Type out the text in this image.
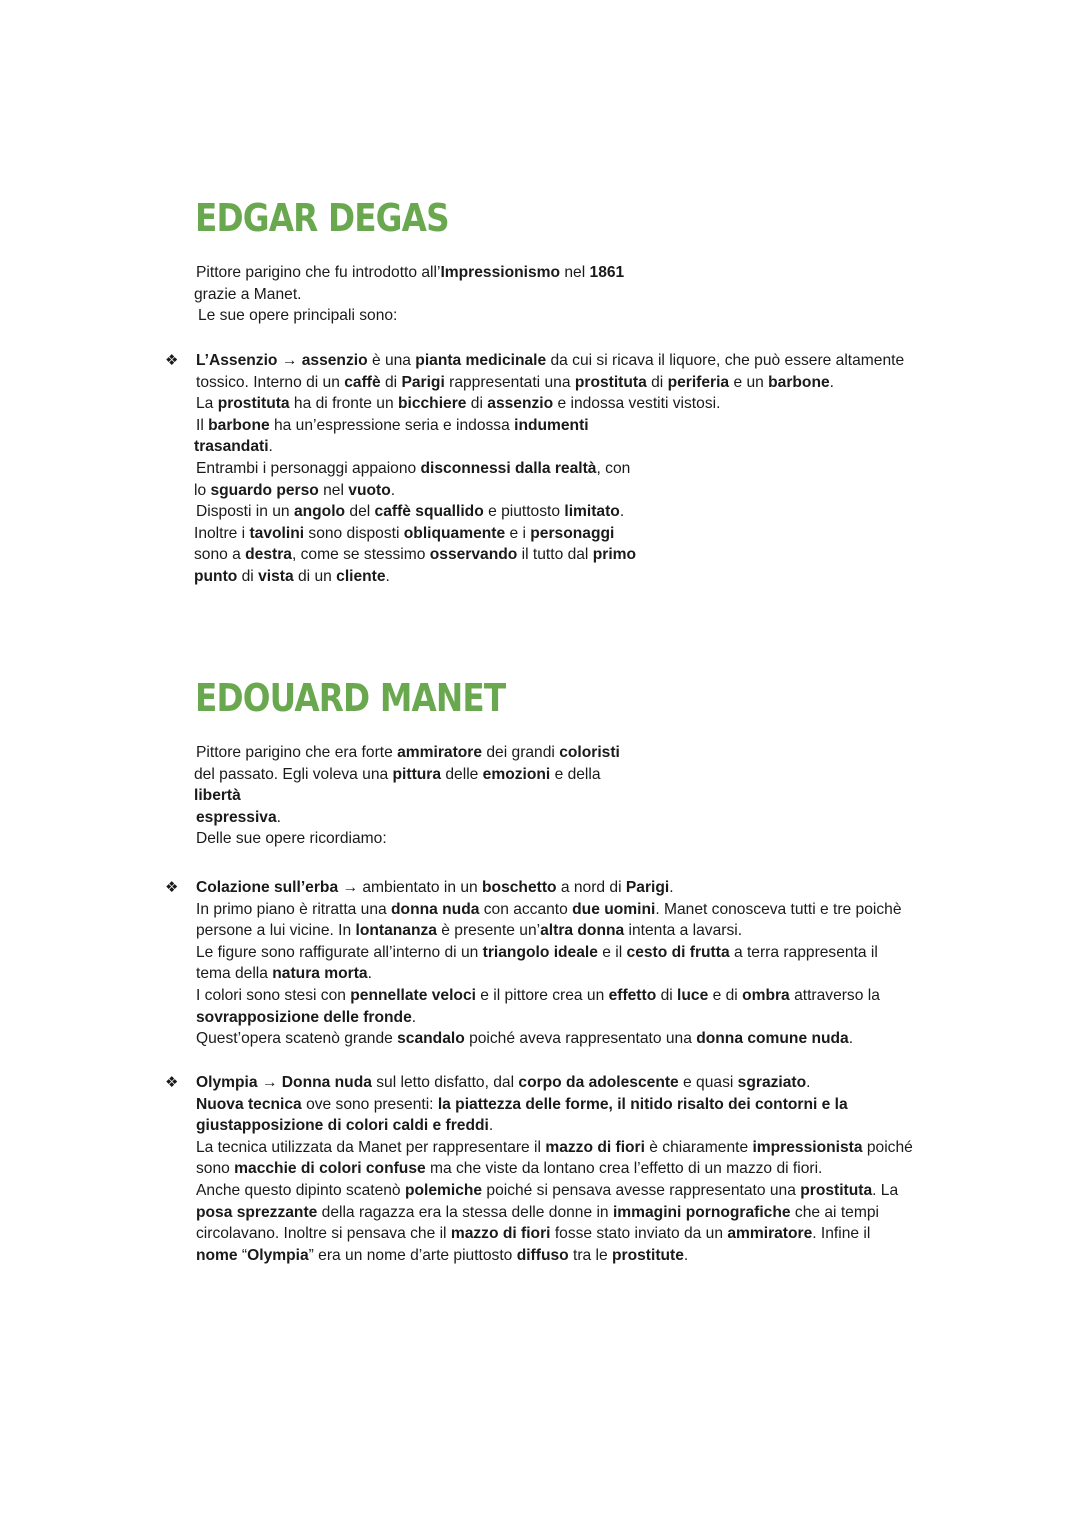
EDGAR DEGAS
Pittore parigino che fu introdotto all’Impressionismo nel 1861
grazie a Manet.
Le sue opere principali sono:
❖ L’Assenzio → assenzio è una pianta medicinale da cui si ricava il liquore, che può essere altamente
tossico. Interno di un caffè di Parigi rappresentati una prostituta di periferia e un barbone.
La prostituta ha di fronte un bicchiere di assenzio e indossa vestiti vistosi.
Il barbone ha un’espressione seria e indossa indumenti
trasandati.
Entrambi i personaggi appaiono disconnessi dalla realtà, con
lo sguardo perso nel vuoto.
Disposti in un angolo del caffè squallido e piuttosto limitato.
Inoltre i tavolini sono disposti obliquamente e i personaggi
sono a destra, come se stessimo osservando il tutto dal primo
punto di vista di un cliente.
EDOUARD MANET
Pittore parigino che era forte ammiratore dei grandi coloristi
del passato. Egli voleva una pittura delle emozioni e della
libertà
espressiva.
Delle sue opere ricordiamo:
❖ Colazione sull’erba → ambientato in un boschetto a nord di Parigi.
In primo piano è ritratta una donna nuda con accanto due uomini. Manet conosceva tutti e tre poichè
persone a lui vicine. In lontananza è presente un’altra donna intenta a lavarsi.
Le figure sono raffigurate all’interno di un triangolo ideale e il cesto di frutta a terra rappresenta il
tema della natura morta.
I colori sono stesi con pennellate veloci e il pittore crea un effetto di luce e di ombra attraverso la
sovrapposizione delle fronde.
Quest’opera scatenò grande scandalo poiché aveva rappresentato una donna comune nuda.
❖ Olympia → Donna nuda sul letto disfatto, dal corpo da adolescente e quasi sgraziato.
Nuova tecnica ove sono presenti: la piattezza delle forme, il nitido risalto dei contorni e la
giustapposizione di colori caldi e freddi.
La tecnica utilizzata da Manet per rappresentare il mazzo di fiori è chiaramente impressionista poiché
sono macchie di colori confuse ma che viste da lontano crea l’effetto di un mazzo di fiori.
Anche questo dipinto scatenò polemiche poiché si pensava avesse rappresentato una prostituta. La
posa sprezzante della ragazza era la stessa delle donne in immagini pornografiche che ai tempi
circolavano. Inoltre si pensava che il mazzo di fiori fosse stato inviato da un ammiratore. Infine il
nome “Olympia” era un nome d’arte piuttosto diffuso tra le prostitute.
